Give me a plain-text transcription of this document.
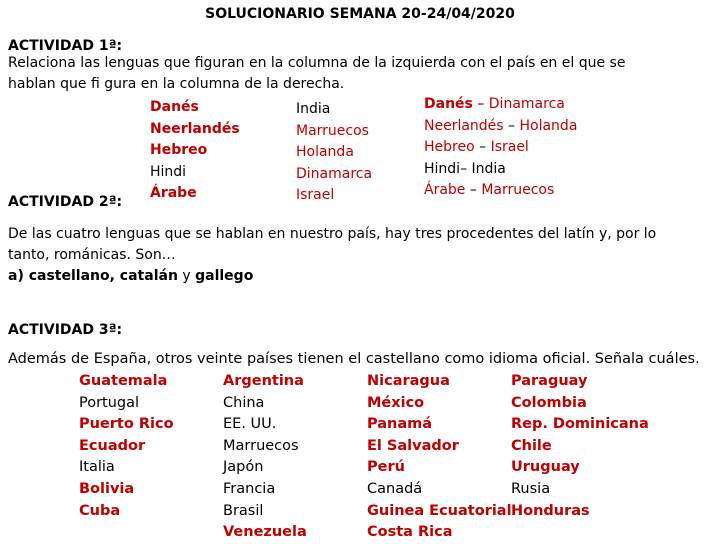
SOLUCIONARIO SEMANA 20-24/04/2020
ACTIVIDAD 1ª:
Relaciona las lenguas que figuran en la columna de la izquierda con el país en el que se
hablan que fi gura en la columna de la derecha.
Danés
Neerlandés
Hebreo
Hindi
Árabe
India
Marruecos
Holanda
Dinamarca
Israel
Danés – Dinamarca
Neerlandés – Holanda
Hebreo – Israel
Hindi– India
Árabe – Marruecos
ACTIVIDAD 2ª:
De las cuatro lenguas que se hablan en nuestro país, hay tres procedentes del latín y, por lo
tanto, románicas. Son…
a) castellano, catalán y gallego
ACTIVIDAD 3ª:
Además de España, otros veinte países tienen el castellano como idioma oficial. Señala cuáles.
Guatemala
Portugal
Puerto Rico
Ecuador
Italia
Bolivia
Cuba
Argentina
China
EE. UU.
Marruecos
Japón
Francia
Brasil
Venezuela
Nicaragua
México
Panamá
El Salvador
Perú
Canadá
Guinea Ecuatorial
Costa Rica
Paraguay
Colombia
Rep. Dominicana
Chile
Uruguay
Rusia
Honduras
